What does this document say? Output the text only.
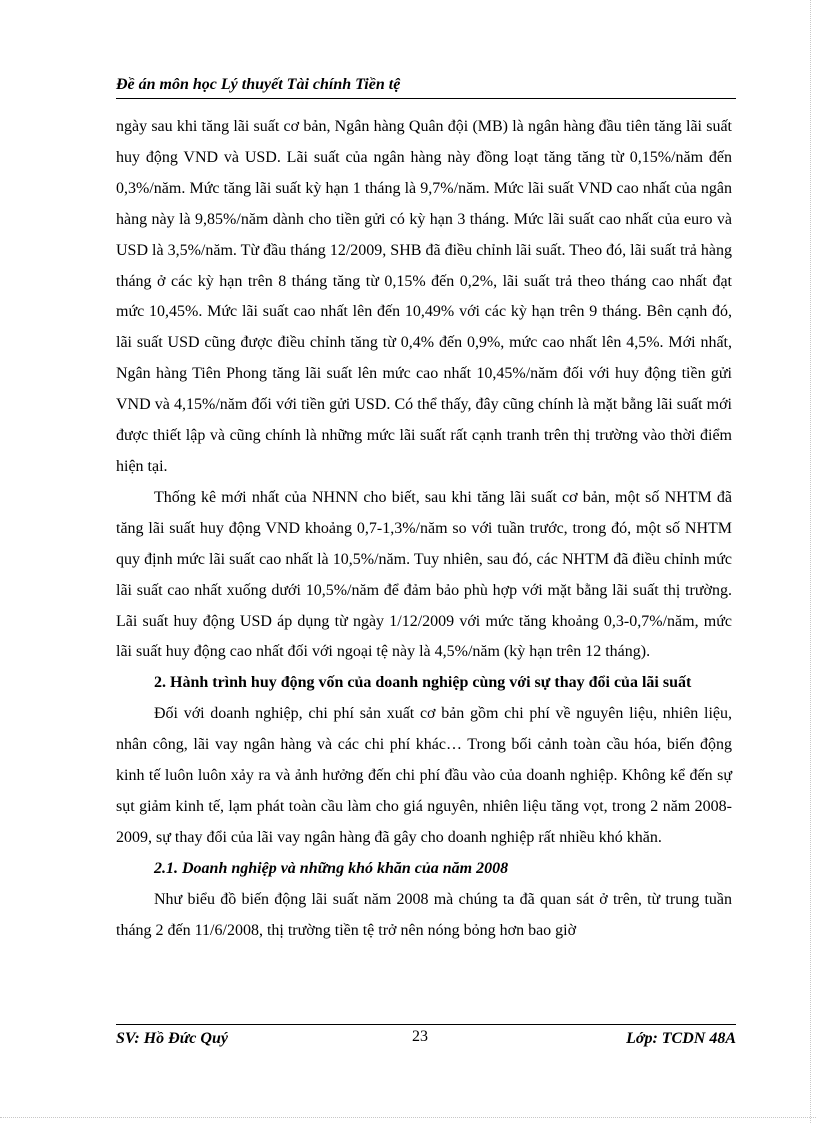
Đề án môn học Lý thuyết Tài chính Tiền tệ

ngày sau khi tăng lãi suất cơ bản, Ngân hàng Quân đội (MB) là ngân hàng đầu tiên tăng lãi suất huy động VND và USD. Lãi suất của ngân hàng này đồng loạt tăng tăng từ 0,15%/năm đến 0,3%/năm. Mức tăng lãi suất kỳ hạn 1 tháng là 9,7%/năm. Mức lãi suất VND cao nhất của ngân hàng này là 9,85%/năm dành cho tiền gửi có kỳ hạn 3 tháng. Mức lãi suất cao nhất của euro và USD là 3,5%/năm. Từ đầu tháng 12/2009, SHB đã điều chỉnh lãi suất. Theo đó, lãi suất trả hàng tháng ở các kỳ hạn trên 8 tháng tăng từ 0,15% đến 0,2%, lãi suất trả theo tháng cao nhất đạt mức 10,45%. Mức lãi suất cao nhất lên đến 10,49% với các kỳ hạn trên 9 tháng. Bên cạnh đó, lãi suất USD cũng được điều chỉnh tăng từ 0,4% đến 0,9%, mức cao nhất lên 4,5%. Mới nhất, Ngân hàng Tiên Phong tăng lãi suất lên mức cao nhất 10,45%/năm đối với huy động tiền gửi VND và 4,15%/năm đối với tiền gửi USD. Có thể thấy, đây cũng chính là mặt bằng lãi suất mới được thiết lập và cũng chính là những mức lãi suất rất cạnh tranh trên thị trường vào thời điểm hiện tại.

Thống kê mới nhất của NHNN cho biết, sau khi tăng lãi suất cơ bản, một số NHTM đã tăng lãi suất huy động VND khoảng 0,7-1,3%/năm so với tuần trước, trong đó, một số NHTM quy định mức lãi suất cao nhất là 10,5%/năm. Tuy nhiên, sau đó, các NHTM đã điều chỉnh mức lãi suất cao nhất xuống dưới 10,5%/năm để đảm bảo phù hợp với mặt bằng lãi suất thị trường. Lãi suất huy động USD áp dụng từ ngày 1/12/2009 với mức tăng khoảng 0,3-0,7%/năm, mức lãi suất huy động cao nhất đối với ngoại tệ này là 4,5%/năm (kỳ hạn trên 12 tháng).

2. Hành trình huy động vốn của doanh nghiệp cùng với sự thay đổi của lãi suất

Đối với doanh nghiệp, chi phí sản xuất cơ bản gồm chi phí về nguyên liệu, nhiên liệu, nhân công, lãi vay ngân hàng và các chi phí khác… Trong bối cảnh toàn cầu hóa, biến động kinh tế luôn luôn xảy ra và ảnh hưởng đến chi phí đầu vào của doanh nghiệp. Không kể đến sự sụt giảm kinh tế, lạm phát toàn cầu làm cho giá nguyên, nhiên liệu tăng vọt, trong 2 năm 2008-2009, sự thay đổi của lãi vay ngân hàng đã gây cho doanh nghiệp rất nhiều khó khăn.

2.1. Doanh nghiệp và những khó khăn của năm 2008

Như biểu đồ biến động lãi suất năm 2008 mà chúng ta đã quan sát ở trên, từ trung tuần tháng 2 đến 11/6/2008, thị trường tiền tệ trở nên nóng bỏng hơn bao giờ

SV: Hồ Đức Quý	23	Lớp: TCDN 48A
